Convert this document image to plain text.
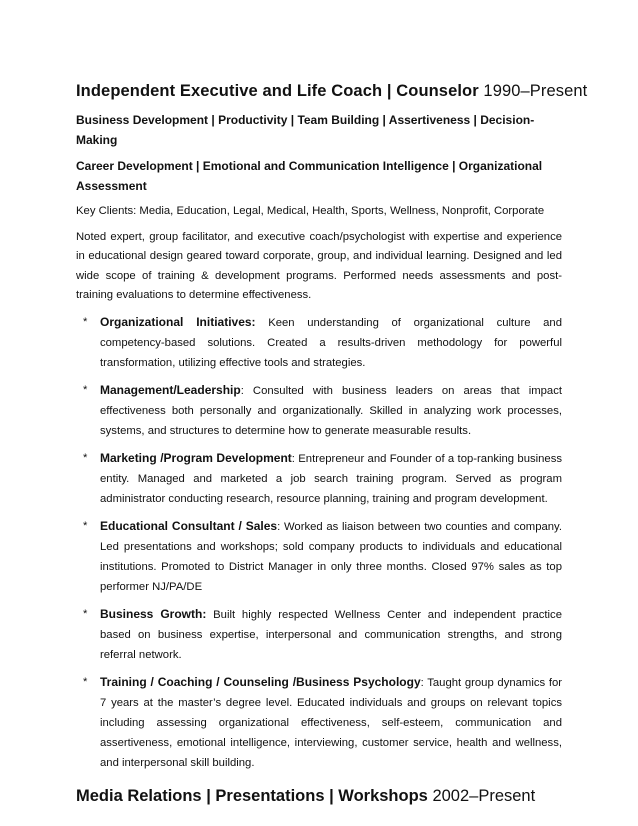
Independent Executive and Life Coach | Counselor 1990–Present
Business Development | Productivity | Team Building | Assertiveness | Decision-Making
Career Development | Emotional and Communication Intelligence | Organizational Assessment
Key Clients: Media, Education, Legal, Medical, Health, Sports, Wellness, Nonprofit, Corporate
Noted expert, group facilitator, and executive coach/psychologist with expertise and experience in educational design geared toward corporate, group, and individual learning. Designed and led wide scope of training & development programs. Performed needs assessments and post-training evaluations to determine effectiveness.
* Organizational Initiatives: Keen understanding of organizational culture and competency-based solutions. Created a results-driven methodology for powerful transformation, utilizing effective tools and strategies.
* Management/Leadership: Consulted with business leaders on areas that impact effectiveness both personally and organizationally. Skilled in analyzing work processes, systems, and structures to determine how to generate measurable results.
* Marketing /Program Development: Entrepreneur and Founder of a top-ranking business entity. Managed and marketed a job search training program. Served as program administrator conducting research, resource planning, training and program development.
* Educational Consultant / Sales: Worked as liaison between two counties and company. Led presentations and workshops; sold company products to individuals and educational institutions. Promoted to District Manager in only three months. Closed 97% sales as top performer NJ/PA/DE
* Business Growth: Built highly respected Wellness Center and independent practice based on business expertise, interpersonal and communication strengths, and strong referral network.
* Training / Coaching / Counseling /Business Psychology: Taught group dynamics for 7 years at the master’s degree level. Educated individuals and groups on relevant topics including assessing organizational effectiveness, self-esteem, communication and assertiveness, emotional intelligence, interviewing, customer service, health and wellness, and interpersonal skill building.
Media Relations | Presentations | Workshops 2002–Present
